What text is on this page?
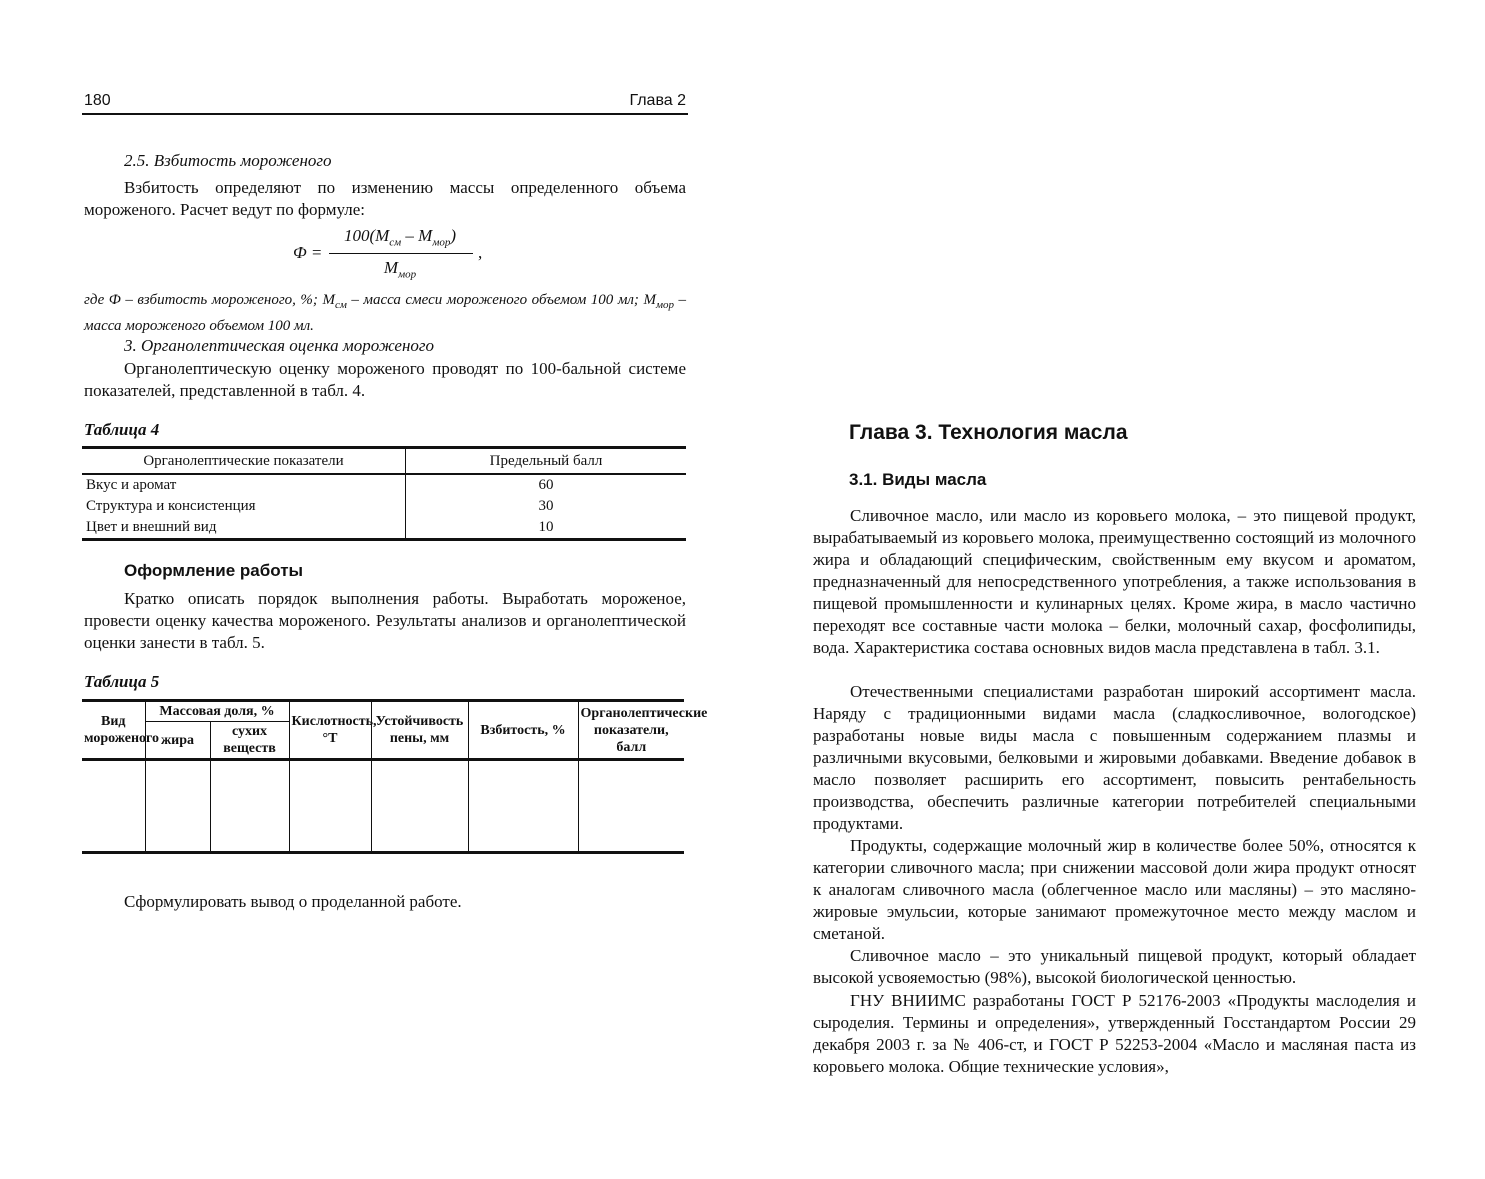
180	Глава 2
2.5. Взбитость мороженого
Взбитость определяют по изменению массы определенного объема мороженого. Расчет ведут по формуле:
Ф =
$100(M_{см} - M_{мор})$
$M_{мор}$
,
где Ф – взбитость мороженого, %; $M_{см}$ – масса смеси мороженого объемом 100 мл; $M_{мор}$ – масса мороженого объемом 100 мл.
3. Органолептическая оценка мороженого
Органолептическую оценку мороженого проводят по 100-бальной системе показателей, представленной в табл. 4.
Таблица 4
Органолептические показатели	Предельный балл
Вкус и аромат	60
Структура и консистенция	30
Цвет и внешний вид	10
Оформление работы
Кратко описать порядок выполнения работы. Выработать мороженое, провести оценку качества мороженого. Результаты анализов и органолептической оценки занести в табл. 5.
Таблица 5
Вид мороженого	Массовая доля, %		Кислотность, °Т	Устойчивость пены, мм	Взбитость, %	Органолептические показатели, балл
	жира	сухих веществ				

Сформулировать вывод о проделанной работе.
Глава 3. Технология масла
3.1. Виды масла
Сливочное масло, или масло из коровьего молока, – это пищевой продукт, вырабатываемый из коровьего молока, преимущественно состоящий из молочного жира и обладающий специфическим, свойственным ему вкусом и ароматом, предназначенный для непосредственного употребления, а также использования в пищевой промышленности и кулинарных целях. Кроме жира, в масло частично переходят все составные части молока – белки, молочный сахар, фосфолипиды, вода. Характеристика состава основных видов масла представлена в табл. 3.1.
Отечественными специалистами разработан широкий ассортимент масла. Наряду с традиционными видами масла (сладкосливочное, вологодское) разработаны новые виды масла с повышенным содержанием плазмы и различными вкусовыми, белковыми и жировыми добавками. Введение добавок в масло позволяет расширить его ассортимент, повысить рентабельность производства, обеспечить различные категории потребителей специальными продуктами.
Продукты, содержащие молочный жир в количестве более 50%, относятся к категории сливочного масла; при снижении массовой доли жира продукт относят к аналогам сливочного масла (облегченное масло или масляны) – это масляно-жировые эмульсии, которые занимают промежуточное место между маслом и сметаной.
Сливочное масло – это уникальный пищевой продукт, который обладает высокой усвояемостью (98%), высокой биологической ценностью.
ГНУ ВНИИМС разработаны ГОСТ Р 52176-2003 «Продукты маслоделия и сыроделия. Термины и определения», утвержденный Госстандартом России 29 декабря 2003 г. за № 406-ст, и ГОСТ Р 52253-2004 «Масло и масляная паста из коровьего молока. Общие технические условия»,
